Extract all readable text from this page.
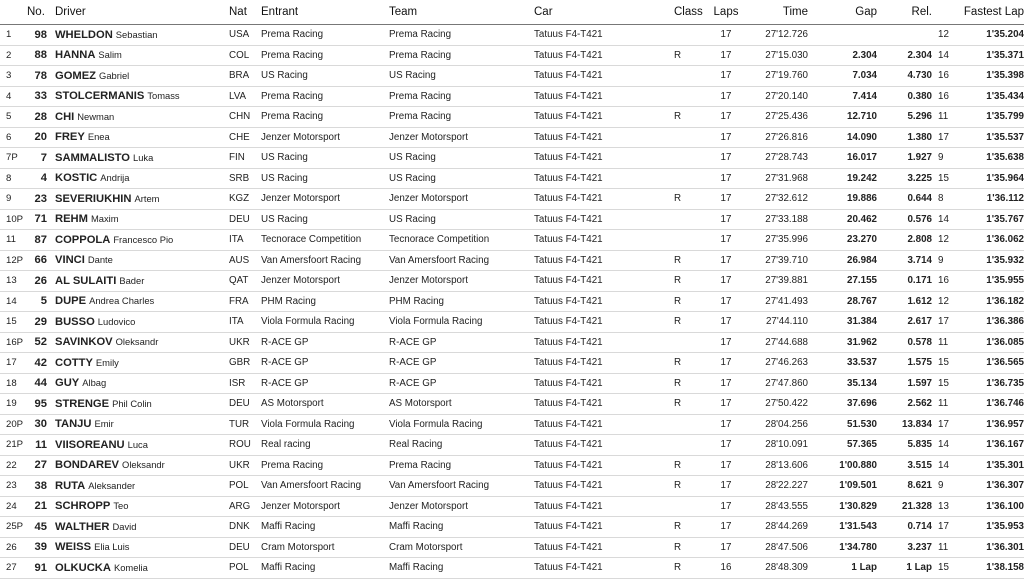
	No.	Driver	Nat	Entrant	Team	Car	Class	Laps	Time	Gap	Rel.	Fastest Lap	
1	98	WHELDON Sebastian	USA	Prema Racing	Prema Racing	Tatuus F4-T421		17	27'12.726			12	1'35.204
2	88	HANNA Salim	COL	Prema Racing	Prema Racing	Tatuus F4-T421	R	17	27'15.030	2.304	2.304	14	1'35.371
3	78	GOMEZ Gabriel	BRA	US Racing	US Racing	Tatuus F4-T421		17	27'19.760	7.034	4.730	16	1'35.398
4	33	STOLCERMANIS Tomass	LVA	Prema Racing	Prema Racing	Tatuus F4-T421		17	27'20.140	7.414	0.380	16	1'35.434
5	28	CHI Newman	CHN	Prema Racing	Prema Racing	Tatuus F4-T421	R	17	27'25.436	12.710	5.296	11	1'35.799
6	20	FREY Enea	CHE	Jenzer Motorsport	Jenzer Motorsport	Tatuus F4-T421		17	27'26.816	14.090	1.380	17	1'35.537
7P	7	SAMMALISTO Luka	FIN	US Racing	US Racing	Tatuus F4-T421		17	27'28.743	16.017	1.927	9	1'35.638
8	4	KOSTIC Andrija	SRB	US Racing	US Racing	Tatuus F4-T421		17	27'31.968	19.242	3.225	15	1'35.964
9	23	SEVERIUKHIN Artem	KGZ	Jenzer Motorsport	Jenzer Motorsport	Tatuus F4-T421	R	17	27'32.612	19.886	0.644	8	1'36.112
10P	71	REHM Maxim	DEU	US Racing	US Racing	Tatuus F4-T421		17	27'33.188	20.462	0.576	14	1'35.767
11	87	COPPOLA Francesco Pio	ITA	Tecnorace Competition	Tecnorace Competition	Tatuus F4-T421		17	27'35.996	23.270	2.808	12	1'36.062
12P	66	VINCI Dante	AUS	Van Amersfoort Racing	Van Amersfoort Racing	Tatuus F4-T421	R	17	27'39.710	26.984	3.714	9	1'35.932
13	26	AL SULAITI Bader	QAT	Jenzer Motorsport	Jenzer Motorsport	Tatuus F4-T421	R	17	27'39.881	27.155	0.171	16	1'35.955
14	5	DUPE Andrea Charles	FRA	PHM Racing	PHM Racing	Tatuus F4-T421	R	17	27'41.493	28.767	1.612	12	1'36.182
15	29	BUSSO Ludovico	ITA	Viola Formula Racing	Viola Formula Racing	Tatuus F4-T421	R	17	27'44.110	31.384	2.617	17	1'36.386
16P	52	SAVINKOV Oleksandr	UKR	R-ACE GP	R-ACE GP	Tatuus F4-T421		17	27'44.688	31.962	0.578	11	1'36.085
17	42	COTTY Emily	GBR	R-ACE GP	R-ACE GP	Tatuus F4-T421	R	17	27'46.263	33.537	1.575	15	1'36.565
18	44	GUY Albag	ISR	R-ACE GP	R-ACE GP	Tatuus F4-T421	R	17	27'47.860	35.134	1.597	15	1'36.735
19	95	STRENGE Phil Colin	DEU	AS Motorsport	AS Motorsport	Tatuus F4-T421	R	17	27'50.422	37.696	2.562	11	1'36.746
20P	30	TANJU Emir	TUR	Viola Formula Racing	Viola Formula Racing	Tatuus F4-T421		17	28'04.256	51.530	13.834	17	1'36.957
21P	11	VIISOREANU Luca	ROU	Real racing	Real Racing	Tatuus F4-T421		17	28'10.091	57.365	5.835	14	1'36.167
22	27	BONDAREV Oleksandr	UKR	Prema Racing	Prema Racing	Tatuus F4-T421	R	17	28'13.606	1'00.880	3.515	14	1'35.301
23	38	RUTA Aleksander	POL	Van Amersfoort Racing	Van Amersfoort Racing	Tatuus F4-T421	R	17	28'22.227	1'09.501	8.621	9	1'36.307
24	21	SCHROPP Teo	ARG	Jenzer Motorsport	Jenzer Motorsport	Tatuus F4-T421		17	28'43.555	1'30.829	21.328	13	1'36.100
25P	45	WALTHER David	DNK	Maffi Racing	Maffi Racing	Tatuus F4-T421	R	17	28'44.269	1'31.543	0.714	17	1'35.953
26	39	WEISS Elia Luis	DEU	Cram Motorsport	Cram Motorsport	Tatuus F4-T421	R	17	28'47.506	1'34.780	3.237	11	1'36.301
27	91	OLKUCKA Komelia	POL	Maffi Racing	Maffi Racing	Tatuus F4-T421	R	16	28'48.309	1 Lap	1 Lap	15	1'38.158
